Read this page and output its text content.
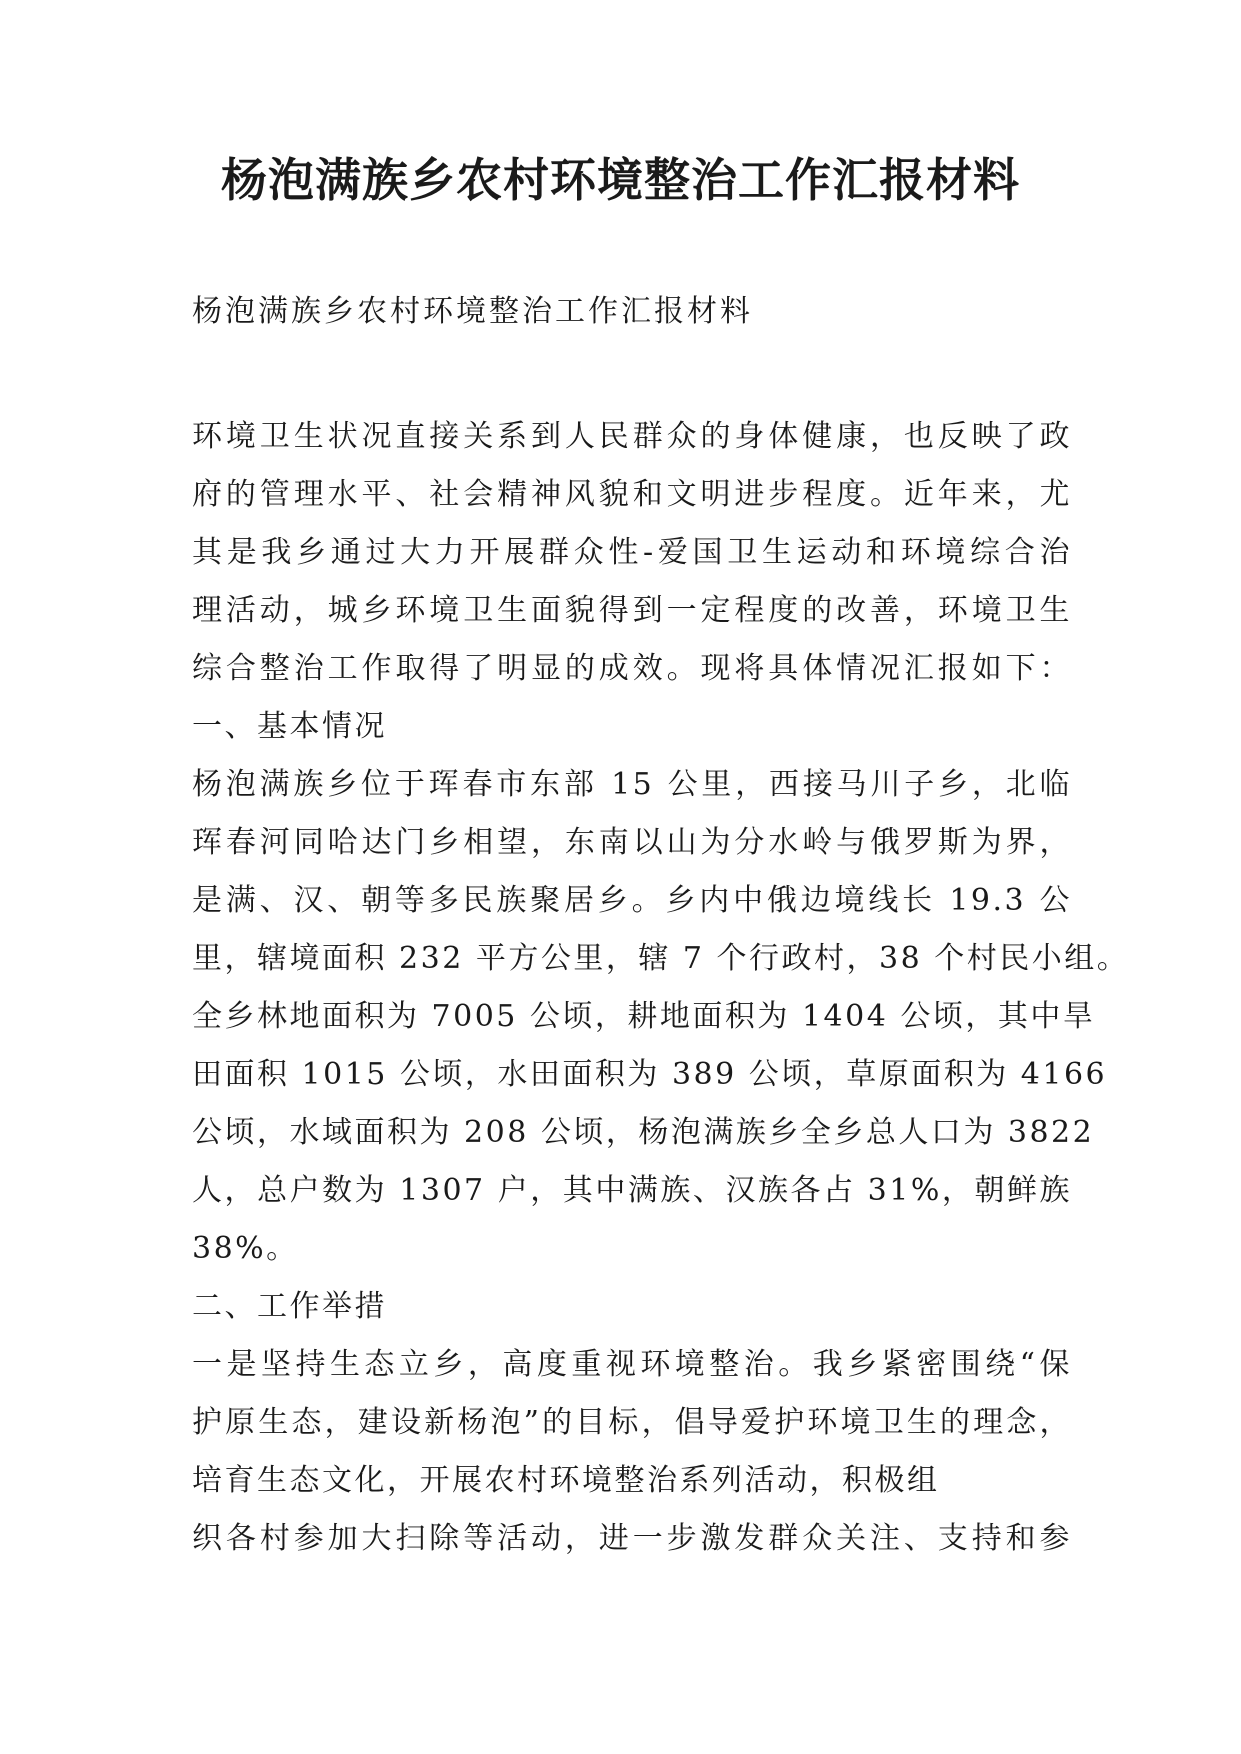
杨泡满族乡农村环境整治工作汇报材料

杨泡满族乡农村环境整治工作汇报材料

环境卫生状况直接关系到人民群众的身体健康，也反映了政
府的管理水平、社会精神风貌和文明进步程度。近年来，尤
其是我乡通过大力开展群众性-爱国卫生运动和环境综合治
理活动，城乡环境卫生面貌得到一定程度的改善，环境卫生
综合整治工作取得了明显的成效。现将具体情况汇报如下：
一、基本情况
杨泡满族乡位于珲春市东部 15 公里，西接马川子乡，北临
珲春河同哈达门乡相望，东南以山为分水岭与俄罗斯为界，
是满、汉、朝等多民族聚居乡。乡内中俄边境线长 19.3 公
里，辖境面积 232 平方公里，辖 7 个行政村，38 个村民小组。
全乡林地面积为 7005 公顷，耕地面积为 1404 公顷，其中旱
田面积 1015 公顷，水田面积为 389 公顷，草原面积为 4166
公顷，水域面积为 208 公顷，杨泡满族乡全乡总人口为 3822
人，总户数为 1307 户，其中满族、汉族各占 31%，朝鲜族
38%。
二、工作举措
一是坚持生态立乡，高度重视环境整治。我乡紧密围绕“保
护原生态，建设新杨泡”的目标，倡导爱护环境卫生的理念，
培育生态文化，开展农村环境整治系列活动，积极组
织各村参加大扫除等活动，进一步激发群众关注、支持和参
